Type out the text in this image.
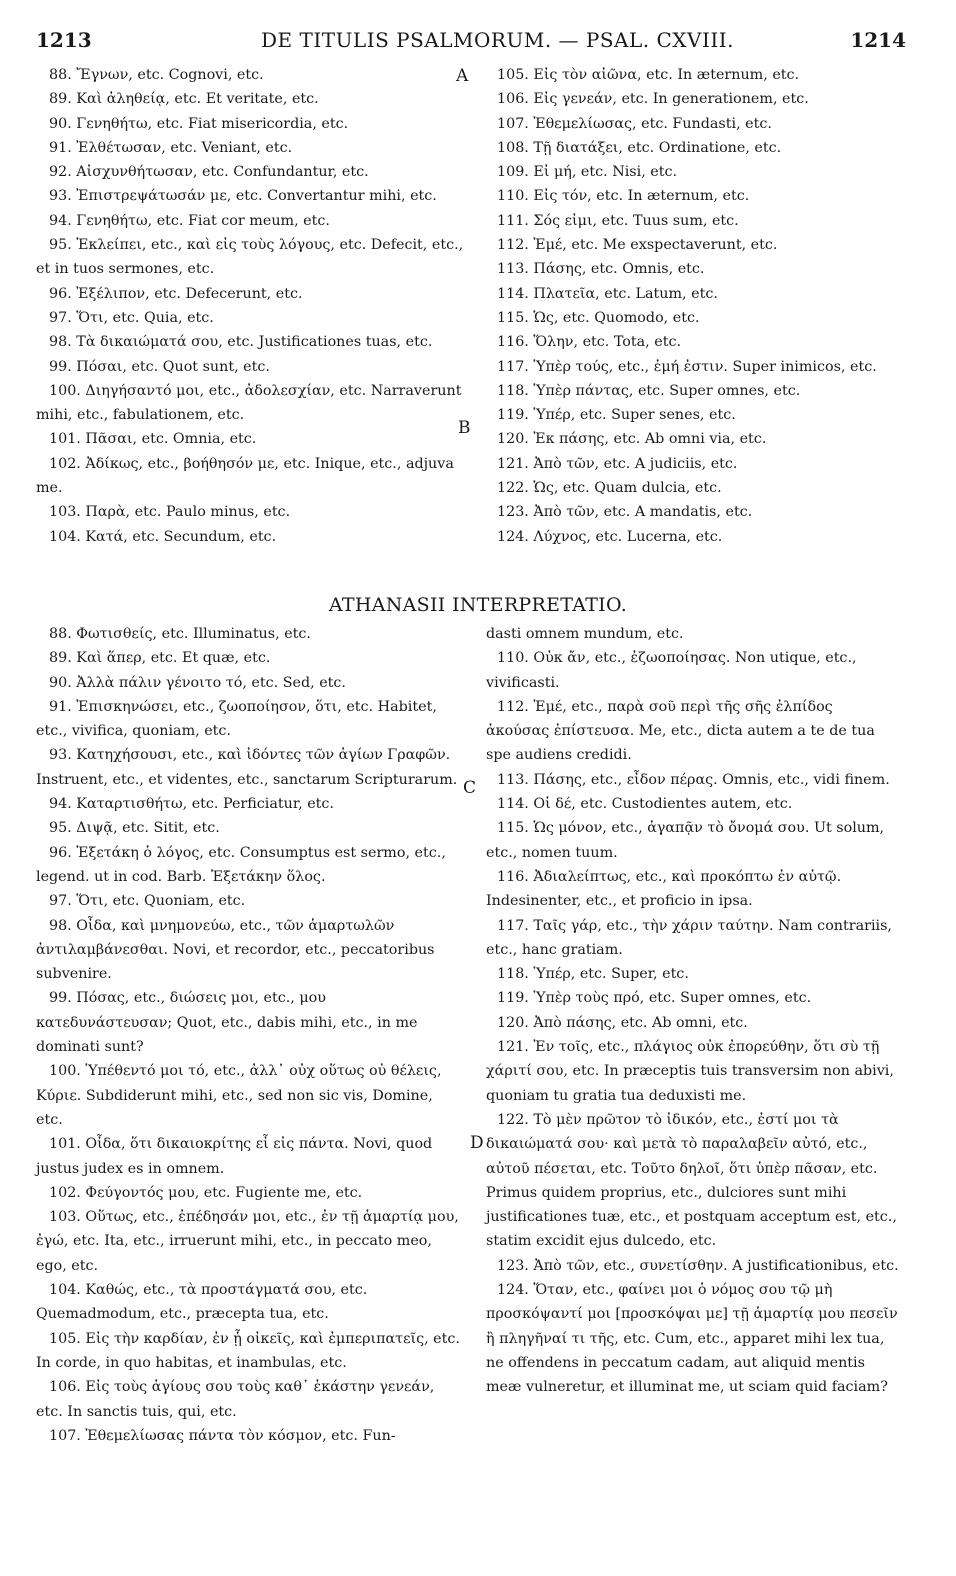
1213	DE TITULIS PSALMORUM. — PSAL. CXVIII.	1214
A
B
C
D

88. Ἔγνων, etc. Cognovi, etc.

89. Καὶ ἀληθείᾳ, etc. Et veritate, etc.

90. Γενηθήτω, etc. Fiat misericordia, etc.

91. Ἐλθέτωσαν, etc. Veniant, etc.

92. Αἰσχυνθήτωσαν, etc. Confundantur, etc.

93. Ἐπιστρεψάτωσάν με, etc. Convertantur mihi, etc.

94. Γενηθήτω, etc. Fiat cor meum, etc.

95. Ἐκλείπει, etc., καὶ εἰς τοὺς λόγους, etc. Defecit, etc., et in tuos sermones, etc.

96. Ἐξέλιπον, etc. Defecerunt, etc.

97. Ὅτι, etc. Quia, etc.

98. Τὰ δικαιώματά σου, etc. Justificationes tuas, etc.

99. Πόσαι, etc. Quot sunt, etc.

100. Διηγήσαντό μοι, etc., ἀδολεσχίαν, etc. Narraverunt mihi, etc., fabulationem, etc.

101. Πᾶσαι, etc. Omnia, etc.

102. Ἀδίκως, etc., βοήθησόν με, etc. Inique, etc., adjuva me.

103. Παρὰ, etc. Paulo minus, etc.

104. Κατά, etc. Secundum, etc.

105. Εἰς τὸν αἰῶνα, etc. In æternum, etc.

106. Εἰς γενεάν, etc. In generationem, etc.

107. Ἐθεμελίωσας, etc. Fundasti, etc.

108. Τῇ διατάξει, etc. Ordinatione, etc.

109. Εἰ μή, etc. Nisi, etc.

110. Εἰς τόν, etc. In æternum, etc.

111. Σός εἰμι, etc. Tuus sum, etc.

112. Ἐμέ, etc. Me exspectaverunt, etc.

113. Πάσης, etc. Omnis, etc.

114. Πλατεῖα, etc. Latum, etc.

115. Ὡς, etc. Quomodo, etc.

116. Ὅλην, etc. Tota, etc.

117. Ὑπὲρ τούς, etc., ἐμή ἐστιν. Super inimicos, etc.

118. Ὑπὲρ πάντας, etc. Super omnes, etc.

119. Ὑπέρ, etc. Super senes, etc.

120. Ἐκ πάσης, etc. Ab omni via, etc.

121. Ἀπὸ τῶν, etc. A judiciis, etc.

122. Ὡς, etc. Quam dulcia, etc.

123. Ἀπὸ τῶν, etc. A mandatis, etc.

124. Λύχνος, etc. Lucerna, etc.

ATHANASII INTERPRETATIO.

88. Φωτισθείς, etc. Illuminatus, etc.

89. Καὶ ἅπερ, etc. Et quæ, etc.

90. Ἀλλὰ πάλιν γένοιτο τό, etc. Sed, etc.

91. Ἐπισκηνώσει, etc., ζωοποίησον, ὅτι, etc. Habitet, etc., vivifica, quoniam, etc.

93. Κατηχήσουσι, etc., καὶ ἰδόντες τῶν ἁγίων Γραφῶν. Instruent, etc., et videntes, etc., sanctarum Scripturarum.

94. Καταρτισθήτω, etc. Perficiatur, etc.

95. Διψᾷ, etc. Sitit, etc.

96. Ἐξετάκη ὁ λόγος, etc. Consumptus est sermo, etc., legend. ut in cod. Barb. Ἐξετάκην ὅλος.

97. Ὅτι, etc. Quoniam, etc.

98. Οἶδα, καὶ μνημονεύω, etc., τῶν ἁμαρτωλῶν ἀντιλαμβάνεσθαι. Novi, et recordor, etc., peccatoribus subvenire.

99. Πόσας, etc., διώσεις μοι, etc., μου κατεδυνάστευσαν; Quot, etc., dabis mihi, etc., in me dominati sunt?

100. Ὑπέθεντό μοι τό, etc., ἀλλ᾽ οὐχ οὕτως οὐ θέλεις, Κύριε. Subdiderunt mihi, etc., sed non sic vis, Domine, etc.

101. Οἶδα, ὅτι δικαιοκρίτης εἶ εἰς πάντα. Novi, quod justus judex es in omnem.

102. Φεύγοντός μου, etc. Fugiente me, etc.

103. Οὕτως, etc., ἐπέδησάν μοι, etc., ἐν τῇ ἁμαρτίᾳ μου, ἐγώ, etc. Ita, etc., irruerunt mihi, etc., in peccato meo, ego, etc.

104. Καθώς, etc., τὰ προστάγματά σου, etc. Quemadmodum, etc., præcepta tua, etc.

105. Εἰς τὴν καρδίαν, ἐν ᾗ οἰκεῖς, καὶ ἐμπεριπατεῖς, etc. In corde, in quo habitas, et inambulas, etc.

106. Εἰς τοὺς ἁγίους σου τοὺς καθ᾽ ἑκάστην γενεάν, etc. In sanctis tuis, qui, etc.

107. Ἐθεμελίωσας πάντα τὸν κόσμον, etc. Fun-

dasti omnem mundum, etc.

110. Οὐκ ἄν, etc., ἐζωοποίησας. Non utique, etc., vivificasti.

112. Ἐμέ, etc., παρὰ σοῦ περὶ τῆς σῆς ἐλπίδος ἀκούσας ἐπίστευσα. Me, etc., dicta autem a te de tua spe audiens credidi.

113. Πάσης, etc., εἶδον πέρας. Omnis, etc., vidi finem.

114. Οἱ δέ, etc. Custodientes autem, etc.

115. Ὡς μόνον, etc., ἀγαπᾷν τὸ ὄνομά σου. Ut solum, etc., nomen tuum.

116. Ἀδιαλείπτως, etc., καὶ προκόπτω ἐν αὐτῷ. Indesinenter, etc., et proficio in ipsa.

117. Ταῖς γάρ, etc., τὴν χάριν ταύτην. Nam contrariis, etc., hanc gratiam.

118. Ὑπέρ, etc. Super, etc.

119. Ὑπὲρ τοὺς πρό, etc. Super omnes, etc.

120. Ἀπὸ πάσης, etc. Ab omni, etc.

121. Ἐν τοῖς, etc., πλάγιος οὐκ ἐπορεύθην, ὅτι σὺ τῇ χάριτί σου, etc. In præceptis tuis transversim non abivi, quoniam tu gratia tua deduxisti me.

122. Τὸ μὲν πρῶτον τὸ ἰδικόν, etc., ἐστί μοι τὰ δικαιώματά σου· καὶ μετὰ τὸ παραλαβεῖν αὐτό, etc., αὐτοῦ πέσεται, etc. Τοῦτο δηλοῖ, ὅτι ὑπὲρ πᾶσαν, etc. Primus quidem proprius, etc., dulciores sunt mihi justificationes tuæ, etc., et postquam acceptum est, etc., statim excidit ejus dulcedo, etc.

123. Ἀπὸ τῶν, etc., συνετίσθην. A justificationibus, etc.

124. Ὅταν, etc., φαίνει μοι ὁ νόμος σου τῷ μὴ προσκόψαντί μοι [προσκόψαι με] τῇ ἁμαρτίᾳ μου πεσεῖν ἢ πληγῆναί τι τῆς, etc. Cum, etc., apparet mihi lex tua, ne offendens in peccatum cadam, aut aliquid mentis meæ vulneretur, et illuminat me, ut sciam quid faciam?
